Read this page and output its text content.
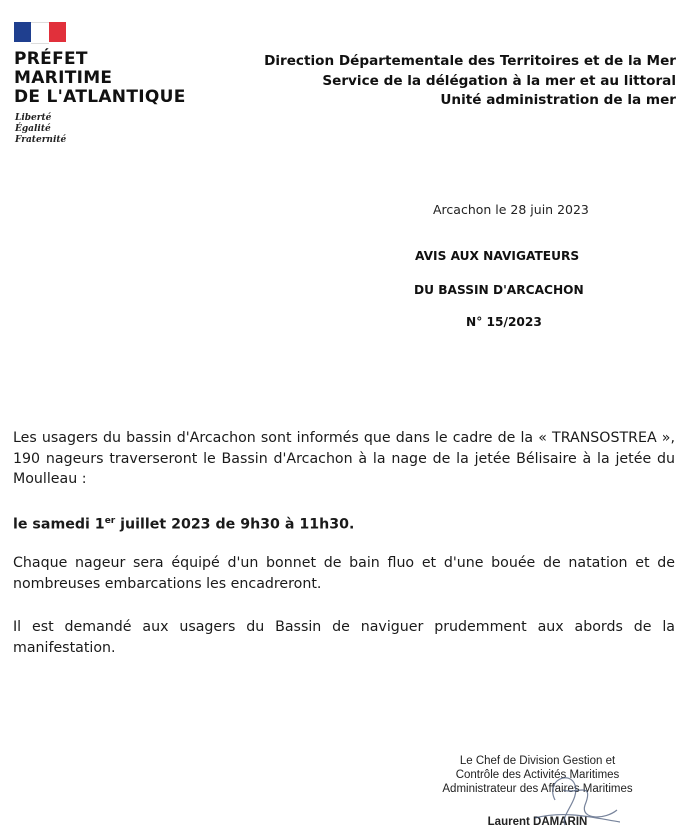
PRÉFET
MARITIME
DE L'ATLANTIQUE
Liberté
Égalité
Fraternité
Direction Départementale des Territoires et de la Mer
Service de la délégation à la mer et au littoral
Unité administration de la mer
Arcachon le 28 juin 2023
AVIS AUX NAVIGATEURS
DU BASSIN D'ARCACHON
N° 15/2023
Les usagers du bassin d'Arcachon sont informés que dans le cadre de la « TRANSOSTREA », 190 nageurs traverseront le Bassin d'Arcachon à la nage de la jetée Bélisaire à la jetée du Moulleau :
le samedi 1er juillet 2023 de 9h30 à 11h30.
Chaque nageur sera équipé d'un bonnet de bain fluo et d'une bouée de natation et de nombreuses embarcations les encadreront.
Il est demandé aux usagers du Bassin de naviguer prudemment aux abords de la manifestation.
Le Chef de Division Gestion et
Contrôle des Activités Maritimes
Administrateur des Affaires Maritimes
Laurent DAMARIN
